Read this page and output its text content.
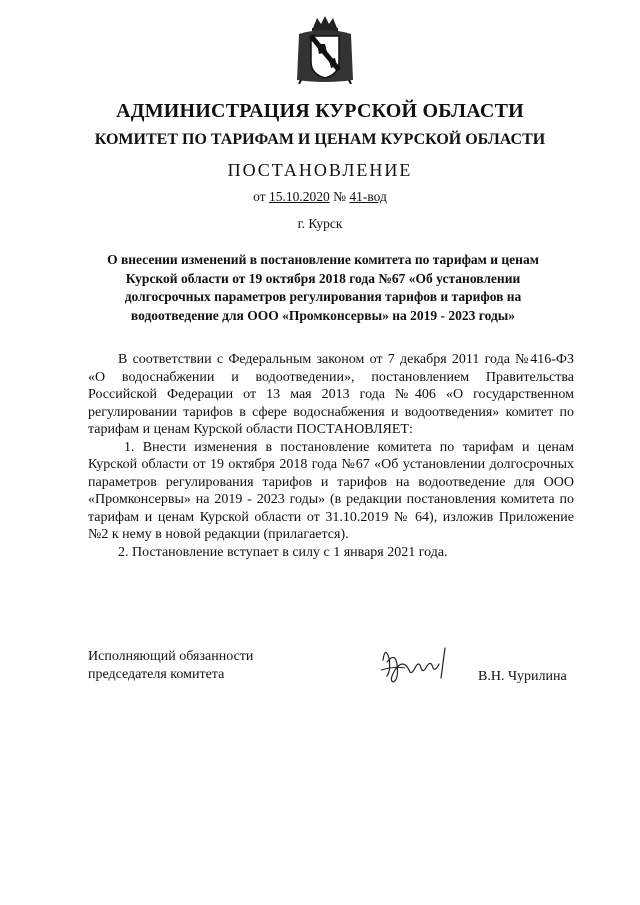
АДМИНИСТРАЦИЯ КУРСКОЙ ОБЛАСТИ
КОМИТЕТ ПО ТАРИФАМ И ЦЕНАМ КУРСКОЙ ОБЛАСТИ
ПОСТАНОВЛЕНИЕ
от 15.10.2020 № 41-вод
г. Курск
О внесении изменений в постановление комитета по тарифам и ценам Курской области от 19 октября 2018 года №67 «Об установлении долгосрочных параметров регулирования тарифов и тарифов на водоотведение для ООО «Промконсервы» на 2019 - 2023 годы»

В соответствии с Федеральным законом от 7 декабря 2011 года №416-ФЗ «О водоснабжении и водоотведении», постановлением Правительства Российской Федерации от 13 мая 2013 года №406 «О государственном регулировании тарифов в сфере водоснабжения и водоотведения» комитет по тарифам и ценам Курской области ПОСТАНОВЛЯЕТ:

1. Внести изменения в постановление комитета по тарифам и ценам Курской области от 19 октября 2018 года №67 «Об установлении долгосрочных параметров регулирования тарифов и тарифов на водоотведение для ООО «Промконсервы» на 2019 - 2023 годы» (в редакции постановления комитета по тарифам и ценам Курской области от 31.10.2019 № 64), изложив Приложение №2 к нему в новой редакции (прилагается).

2. Постановление вступает в силу с 1 января 2021 года.

Исполняющий обязанности
председателя комитета	В.Н. Чурилина
